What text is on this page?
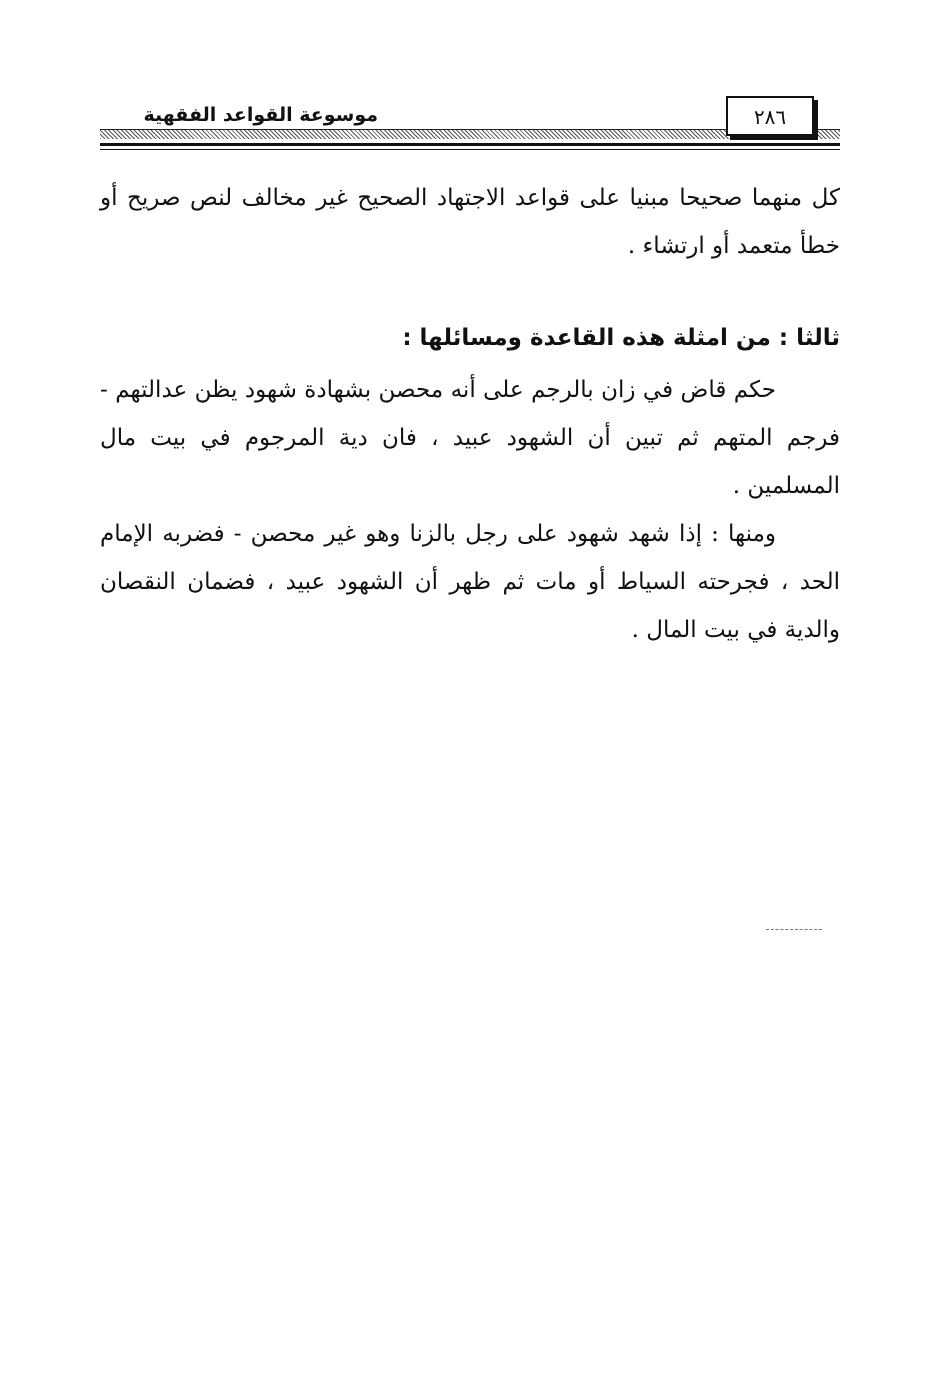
موسوعة القواعد الفقهية	٢٨٦
كل منهما صحيحا مبنيا على قواعد الاجتهاد الصحيح غير مخالف لنص صريح أو خطأ متعمد أو ارتشاء .
ثالثا : من امثلة هذه القاعدة ومسائلها :
حكم قاض في زان بالرجم على أنه محصن بشهادة شهود يظن عدالتهم - فرجم المتهم ثم تبين أن الشهود عبيد ، فان دية المرجوم في بيت مال المسلمين .
ومنها : إذا شهد شهود على رجل بالزنا وهو غير محصن - فضربه الإمام الحد ، فجرحته السياط أو مات ثم ظهر أن الشهود عبيد ، فضمان النقصان والدية في بيت المال .
